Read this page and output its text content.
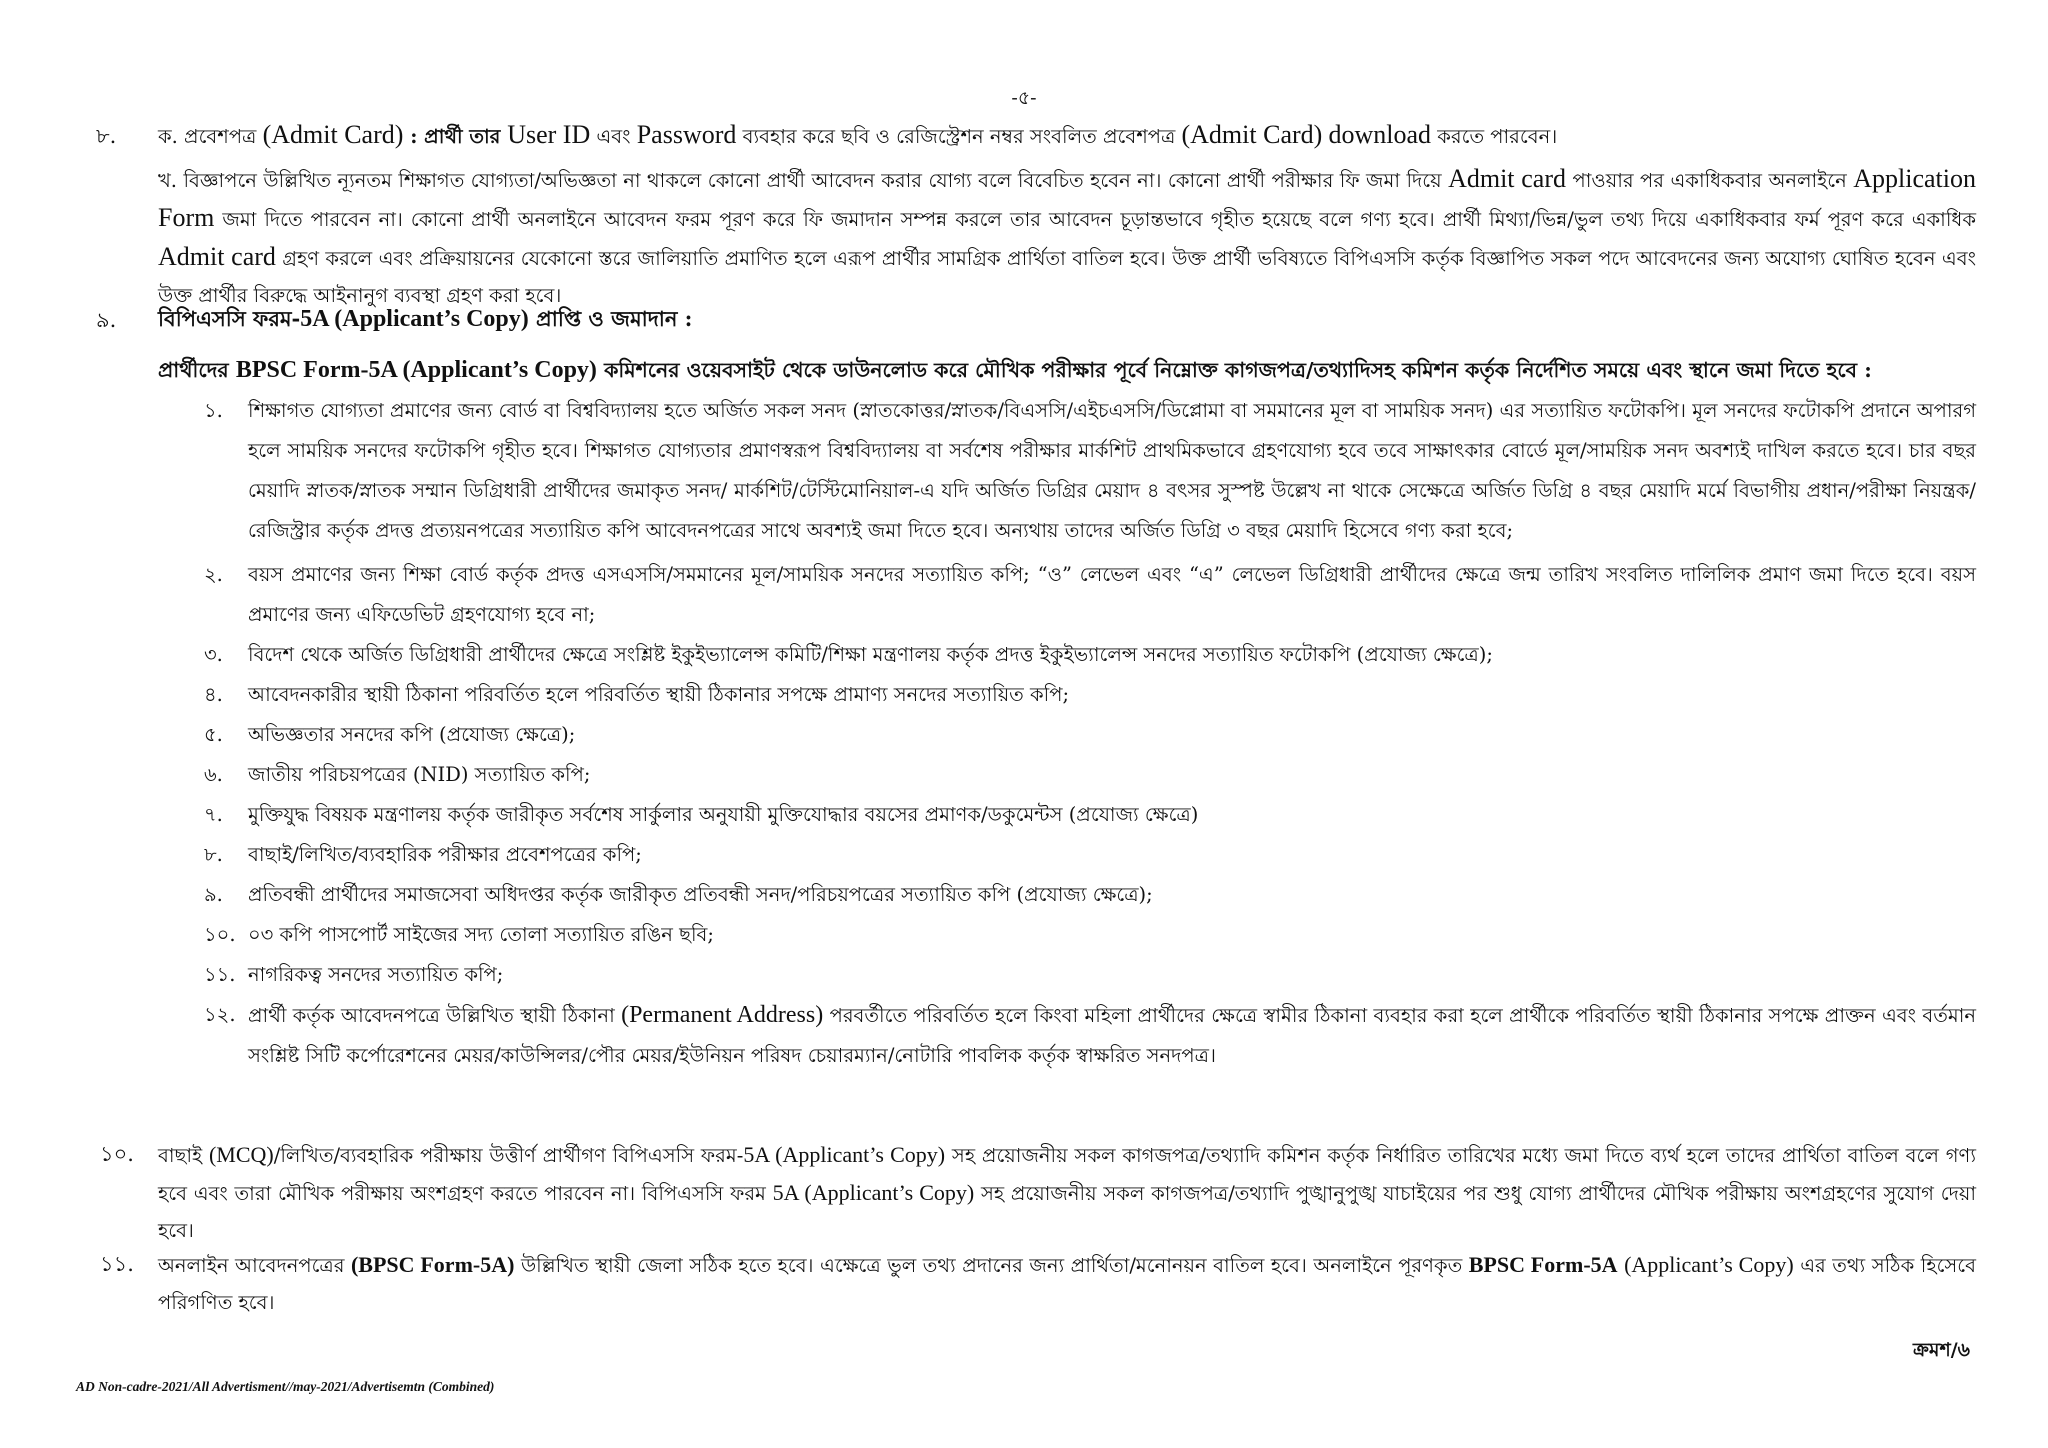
-৫-
৮. ক. প্রবেশপত্র (Admit Card) : প্রার্থী তার User ID এবং Password ব্যবহার করে ছবি ও রেজিস্ট্রেশন নম্বর সংবলিত প্রবেশপত্র (Admit Card) download করতে পারবেন।
খ. বিজ্ঞাপনে উল্লিখিত ন্যূনতম শিক্ষাগত যোগ্যতা/অভিজ্ঞতা না থাকলে কোনো প্রার্থী আবেদন করার যোগ্য বলে বিবেচিত হবেন না। কোনো প্রার্থী পরীক্ষার ফি জমা দিয়ে Admit card পাওয়ার পর একাধিকবার অনলাইনে Application Form জমা দিতে পারবেন না। কোনো প্রার্থী অনলাইনে আবেদন ফরম পূরণ করে ফি জমাদান সম্পন্ন করলে তার আবেদন চূড়ান্তভাবে গৃহীত হয়েছে বলে গণ্য হবে। প্রার্থী মিথ্যা/ভিন্ন/ভুল তথ্য দিয়ে একাধিকবার ফর্ম পূরণ করে একাধিক Admit card গ্রহণ করলে এবং প্রক্রিয়ায়নের যেকোনো স্তরে জালিয়াতি প্রমাণিত হলে এরূপ প্রার্থীর সামগ্রিক প্রার্থিতা বাতিল হবে। উক্ত প্রার্থী ভবিষ্যতে বিপিএসসি কর্তৃক বিজ্ঞাপিত সকল পদে আবেদনের জন্য অযোগ্য ঘোষিত হবেন এবং উক্ত প্রার্থীর বিরুদ্ধে আইনানুগ ব্যবস্থা গ্রহণ করা হবে।
৯. বিপিএসসি ফরম-5A (Applicant’s Copy) প্রাপ্তি ও জমাদান :
প্রার্থীদের BPSC Form-5A (Applicant’s Copy) কমিশনের ওয়েবসাইট থেকে ডাউনলোড করে মৌখিক পরীক্ষার পূর্বে নিম্নোক্ত কাগজপত্র/তথ্যাদিসহ কমিশন কর্তৃক নির্দেশিত সময়ে এবং স্থানে জমা দিতে হবে :
১. শিক্ষাগত যোগ্যতা প্রমাণের জন্য বোর্ড বা বিশ্ববিদ্যালয় হতে অর্জিত সকল সনদ (স্নাতকোত্তর/স্নাতক/বিএসসি/এইচএসসি/ডিপ্লোমা বা সমমানের মূল বা সাময়িক সনদ) এর সত্যায়িত ফটোকপি। মূল সনদের ফটোকপি প্রদানে অপারগ হলে সাময়িক সনদের ফটোকপি গৃহীত হবে। শিক্ষাগত যোগ্যতার প্রমাণস্বরূপ বিশ্ববিদ্যালয় বা সর্বশেষ পরীক্ষার মার্কশিট প্রাথমিকভাবে গ্রহণযোগ্য হবে তবে সাক্ষাৎকার বোর্ডে মূল/সাময়িক সনদ অবশ্যই দাখিল করতে হবে। চার বছর মেয়াদি স্নাতক/স্নাতক সম্মান ডিগ্রিধারী প্রার্থীদের জমাকৃত সনদ/ মার্কশিট/টেস্টিমোনিয়াল-এ যদি অর্জিত ডিগ্রির মেয়াদ ৪ বৎসর সুস্পষ্ট উল্লেখ না থাকে সেক্ষেত্রে অর্জিত ডিগ্রি ৪ বছর মেয়াদি মর্মে বিভাগীয় প্রধান/পরীক্ষা নিয়ন্ত্রক/রেজিস্ট্রার কর্তৃক প্রদত্ত প্রত্যয়নপত্রের সত্যায়িত কপি আবেদনপত্রের সাথে অবশ্যই জমা দিতে হবে। অন্যথায় তাদের অর্জিত ডিগ্রি ৩ বছর মেয়াদি হিসেবে গণ্য করা হবে;
২. বয়স প্রমাণের জন্য শিক্ষা বোর্ড কর্তৃক প্রদত্ত এসএসসি/সমমানের মূল/সাময়িক সনদের সত্যায়িত কপি; “ও” লেভেল এবং “এ” লেভেল ডিগ্রিধারী প্রার্থীদের ক্ষেত্রে জন্ম তারিখ সংবলিত দালিলিক প্রমাণ জমা দিতে হবে। বয়স প্রমাণের জন্য এফিডেভিট গ্রহণযোগ্য হবে না;
৩. বিদেশ থেকে অর্জিত ডিগ্রিধারী প্রার্থীদের ক্ষেত্রে সংশ্লিষ্ট ইকুইভ্যালেন্স কমিটি/শিক্ষা মন্ত্রণালয় কর্তৃক প্রদত্ত ইকুইভ্যালেন্স সনদের সত্যায়িত ফটোকপি (প্রযোজ্য ক্ষেত্রে);
৪. আবেদনকারীর স্থায়ী ঠিকানা পরিবর্তিত হলে পরিবর্তিত স্থায়ী ঠিকানার সপক্ষে প্রামাণ্য সনদের সত্যায়িত কপি;
৫. অভিজ্ঞতার সনদের কপি (প্রযোজ্য ক্ষেত্রে);
৬. জাতীয় পরিচয়পত্রের (NID) সত্যায়িত কপি;
৭. মুক্তিযুদ্ধ বিষয়ক মন্ত্রণালয় কর্তৃক জারীকৃত সর্বশেষ সার্কুলার অনুযায়ী মুক্তিযোদ্ধার বয়সের প্রমাণক/ডকুমেন্টস (প্রযোজ্য ক্ষেত্রে)
৮. বাছাই/লিখিত/ব্যবহারিক পরীক্ষার প্রবেশপত্রের কপি;
৯. প্রতিবন্ধী প্রার্থীদের সমাজসেবা অধিদপ্তর কর্তৃক জারীকৃত প্রতিবন্ধী সনদ/পরিচয়পত্রের সত্যায়িত কপি (প্রযোজ্য ক্ষেত্রে);
১০. ০৩ কপি পাসপোর্ট সাইজের সদ্য তোলা সত্যায়িত রঙিন ছবি;
১১. নাগরিকত্ব সনদের সত্যায়িত কপি;
১২. প্রার্থী কর্তৃক আবেদনপত্রে উল্লিখিত স্থায়ী ঠিকানা (Permanent Address) পরবর্তীতে পরিবর্তিত হলে কিংবা মহিলা প্রার্থীদের ক্ষেত্রে স্বামীর ঠিকানা ব্যবহার করা হলে প্রার্থীকে পরিবর্তিত স্থায়ী ঠিকানার সপক্ষে প্রাক্তন এবং বর্তমান সংশ্লিষ্ট সিটি কর্পোরেশনের মেয়র/কাউন্সিলর/পৌর মেয়র/ইউনিয়ন পরিষদ চেয়ারম্যান/নোটারি পাবলিক কর্তৃক স্বাক্ষরিত সনদপত্র।
১০. বাছাই (MCQ)/লিখিত/ব্যবহারিক পরীক্ষায় উত্তীর্ণ প্রার্থীগণ বিপিএসসি ফরম-5A (Applicant’s Copy) সহ প্রয়োজনীয় সকল কাগজপত্র/তথ্যাদি কমিশন কর্তৃক নির্ধারিত তারিখের মধ্যে জমা দিতে ব্যর্থ হলে তাদের প্রার্থিতা বাতিল বলে গণ্য হবে এবং তারা মৌখিক পরীক্ষায় অংশগ্রহণ করতে পারবেন না। বিপিএসসি ফরম 5A (Applicant’s Copy) সহ প্রয়োজনীয় সকল কাগজপত্র/তথ্যাদি পুঙ্খানুপুঙ্খ যাচাইয়ের পর শুধু যোগ্য প্রার্থীদের মৌখিক পরীক্ষায় অংশগ্রহণের সুযোগ দেয়া হবে।
১১. অনলাইন আবেদনপত্রের (BPSC Form-5A) উল্লিখিত স্থায়ী জেলা সঠিক হতে হবে। এক্ষেত্রে ভুল তথ্য প্রদানের জন্য প্রার্থিতা/মনোনয়ন বাতিল হবে। অনলাইনে পূরণকৃত BPSC Form-5A (Applicant’s Copy) এর তথ্য সঠিক হিসেবে পরিগণিত হবে।
ক্রমশ/৬
AD Non-cadre-2021/All Advertisment//may-2021/Advertisemtn (Combined)
